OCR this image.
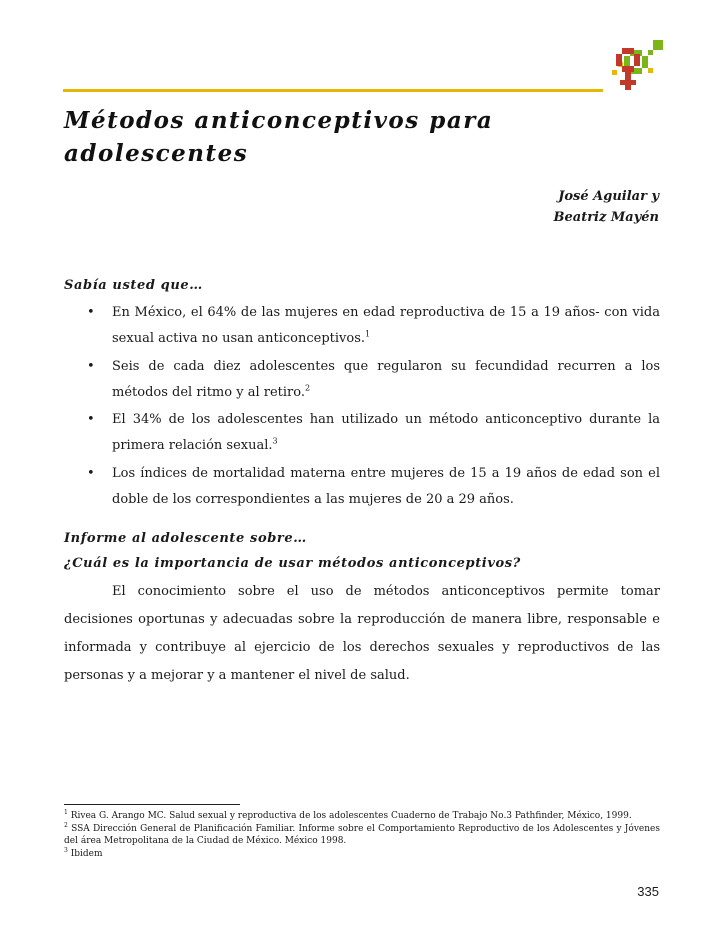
Métodos anticonceptivos para adolescentes
José Aguilar y
Beatriz Mayén
Sabía usted que…
• En México, el 64% de las mujeres en edad reproductiva de 15 a 19 años- con vida sexual activa no usan anticonceptivos.$^1$
• Seis de cada diez adolescentes que regularon su fecundidad recurren a los métodos del ritmo y al retiro.$^2$
• El 34% de los adolescentes han utilizado un método anticonceptivo durante la primera relación sexual.$^3$
• Los índices de mortalidad materna entre mujeres de 15 a 19 años de edad son el doble de los correspondientes a las mujeres de 20 a 29 años.
Informe al adolescente sobre…
¿Cuál es la importancia de usar métodos anticonceptivos?
El conocimiento sobre el uso de métodos anticonceptivos permite tomar decisiones oportunas y adecuadas sobre la reproducción de manera libre, responsable e informada y contribuye al ejercicio de los derechos sexuales y reproductivos de las personas y a mejorar y a mantener el nivel de salud.
$^1$ Rivea G. Arango MC. Salud sexual y reproductiva de los adolescentes Cuaderno de Trabajo No.3 Pathfinder, México, 1999.
$^2$ SSA Dirección General de Planificación Familiar. Informe sobre el Comportamiento Reproductivo de los Adolescentes y Jóvenes del área Metropolitana de la Ciudad de México. México 1998.
$^3$ Ibidem
335
